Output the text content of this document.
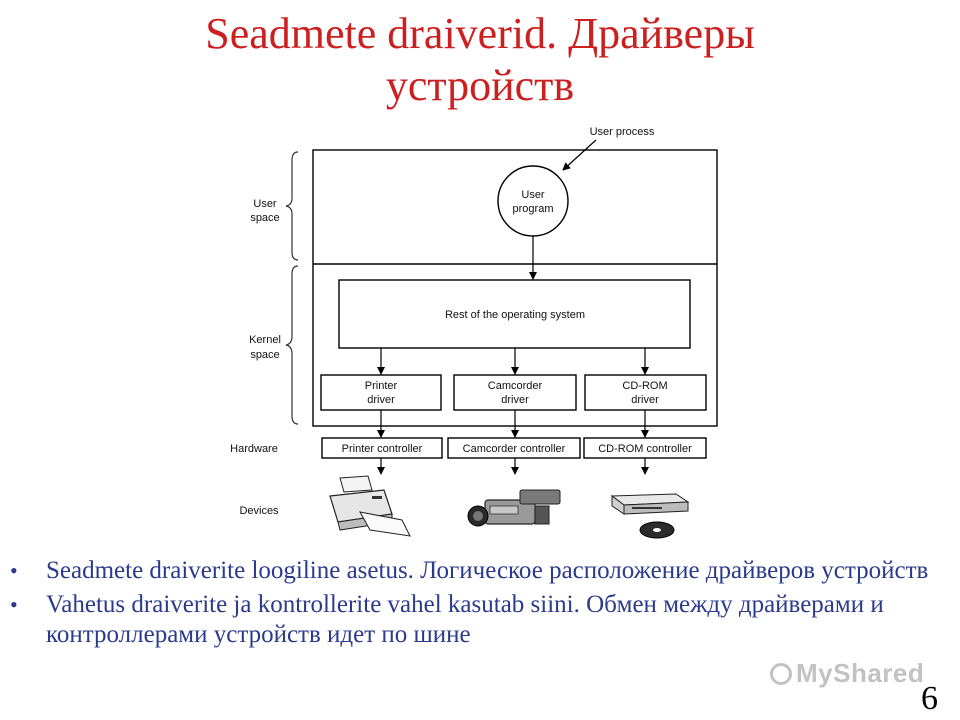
Seadmete draiverid. Драйверы
устройств
User
space
Kernel
space
User process
User
program
Rest of the operating system
Printer
driver
Camcorder
driver
CD-ROM
driver
Hardware	Printer controller	Camcorder controller	CD-ROM controller
Devices
• Seadmete draiverite loogiline asetus. Логическое расположение драйверов устройств
• Vahetus draiverite ja kontrollerite vahel kasutab siini. Обмен между драйверами и контроллерами устройств идет по шине
MyShared
6
